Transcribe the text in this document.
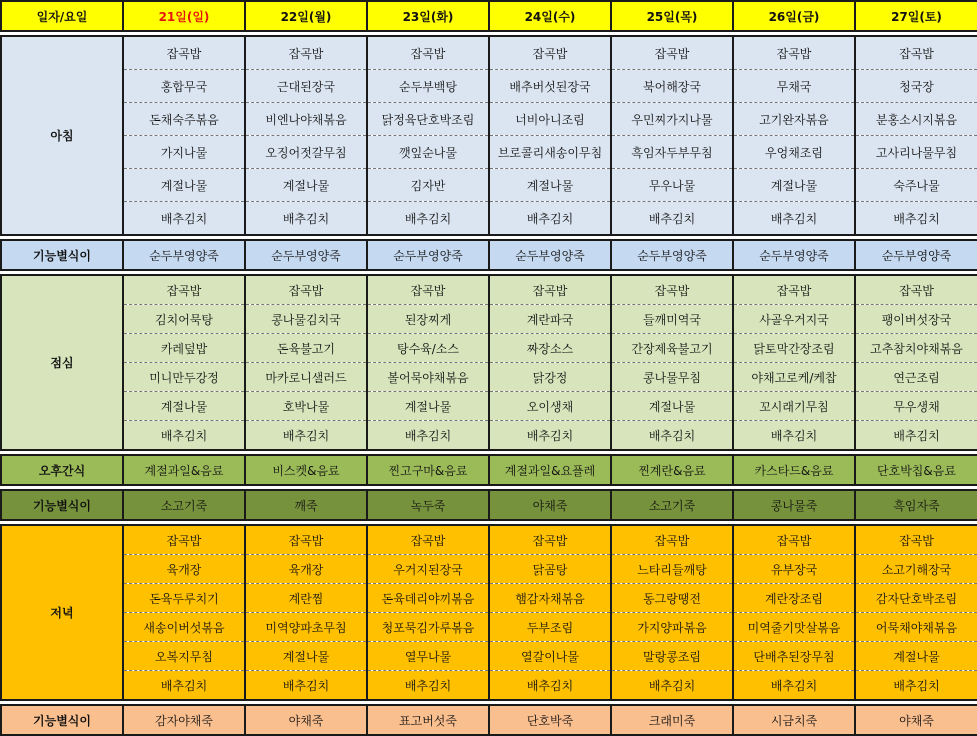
일자/요일	21일(일)	22일(월)	23일(화)	24일(수)	25일(목)	26일(금)	27일(토)

아침	잡곡밥	잡곡밥	잡곡밥	잡곡밥	잡곡밥	잡곡밥	잡곡밥
	홍합무국	근대된장국	순두부백탕	배추버섯된장국	북어해장국	무채국	청국장
	돈채숙주볶음	비엔나야채볶음	닭정육단호박조림	너비아니조림	우민찌가지나물	고기완자볶음	분홍소시지볶음
	가지나물	오징어젓갈무침	깻잎순나물	브로콜리새송이무침	흑임자두부무침	우엉채조림	고사리나물무침
	계절나물	계절나물	김자반	계절나물	무우나물	계절나물	숙주나물
	배추김치	배추김치	배추김치	배추김치	배추김치	배추김치	배추김치

기능별식이	순두부영양죽	순두부영양죽	순두부영양죽	순두부영양죽	순두부영양죽	순두부영양죽	순두부영양죽

점심	잡곡밥	잡곡밥	잡곡밥	잡곡밥	잡곡밥	잡곡밥	잡곡밥
	김치어묵탕	콩나물김치국	된장찌게	계란파국	들깨미역국	사골우거지국	팽이버섯장국
	카레덮밥	돈육불고기	탕수육/소스	짜장소스	간장제육불고기	닭토막간장조림	고추참치야채볶음
	미니만두강정	마카로니샐러드	볼어묵야채볶음	닭강정	콩나물무침	야채고로케/케찹	연근조림
	계절나물	호박나물	계절나물	오이생채	계절나물	꼬시래기무침	무우생채
	배추김치	배추김치	배추김치	배추김치	배추김치	배추김치	배추김치

오후간식	계절과일&음료	비스켓&음료	찐고구마&음료	계절과일&요플레	찐계란&음료	카스타드&음료	단호박칩&음료

기능별식이	소고기죽	깨죽	녹두죽	야채죽	소고기죽	콩나물죽	흑임자죽

저녁	잡곡밥	잡곡밥	잡곡밥	잡곡밥	잡곡밥	잡곡밥	잡곡밥
	육개장	육개장	우거지된장국	닭곰탕	느타리들깨탕	유부장국	소고기해장국
	돈육두루치기	계란찜	돈육데리야끼볶음	햄감자채볶음	동그랑땡전	계란장조림	감자단호박조림
	새송이버섯볶음	미역양파초무침	청포묵김가루볶음	두부조림	가지양파볶음	미역줄기맛살볶음	어묵채야채볶음
	오복지무침	계절나물	열무나물	열갈이나물	말랑콩조림	단배추된장무침	계절나물
	배추김치	배추김치	배추김치	배추김치	배추김치	배추김치	배추김치

기능별식이	감자야채죽	야채죽	표고버섯죽	단호박죽	크래미죽	시금치죽	야채죽
